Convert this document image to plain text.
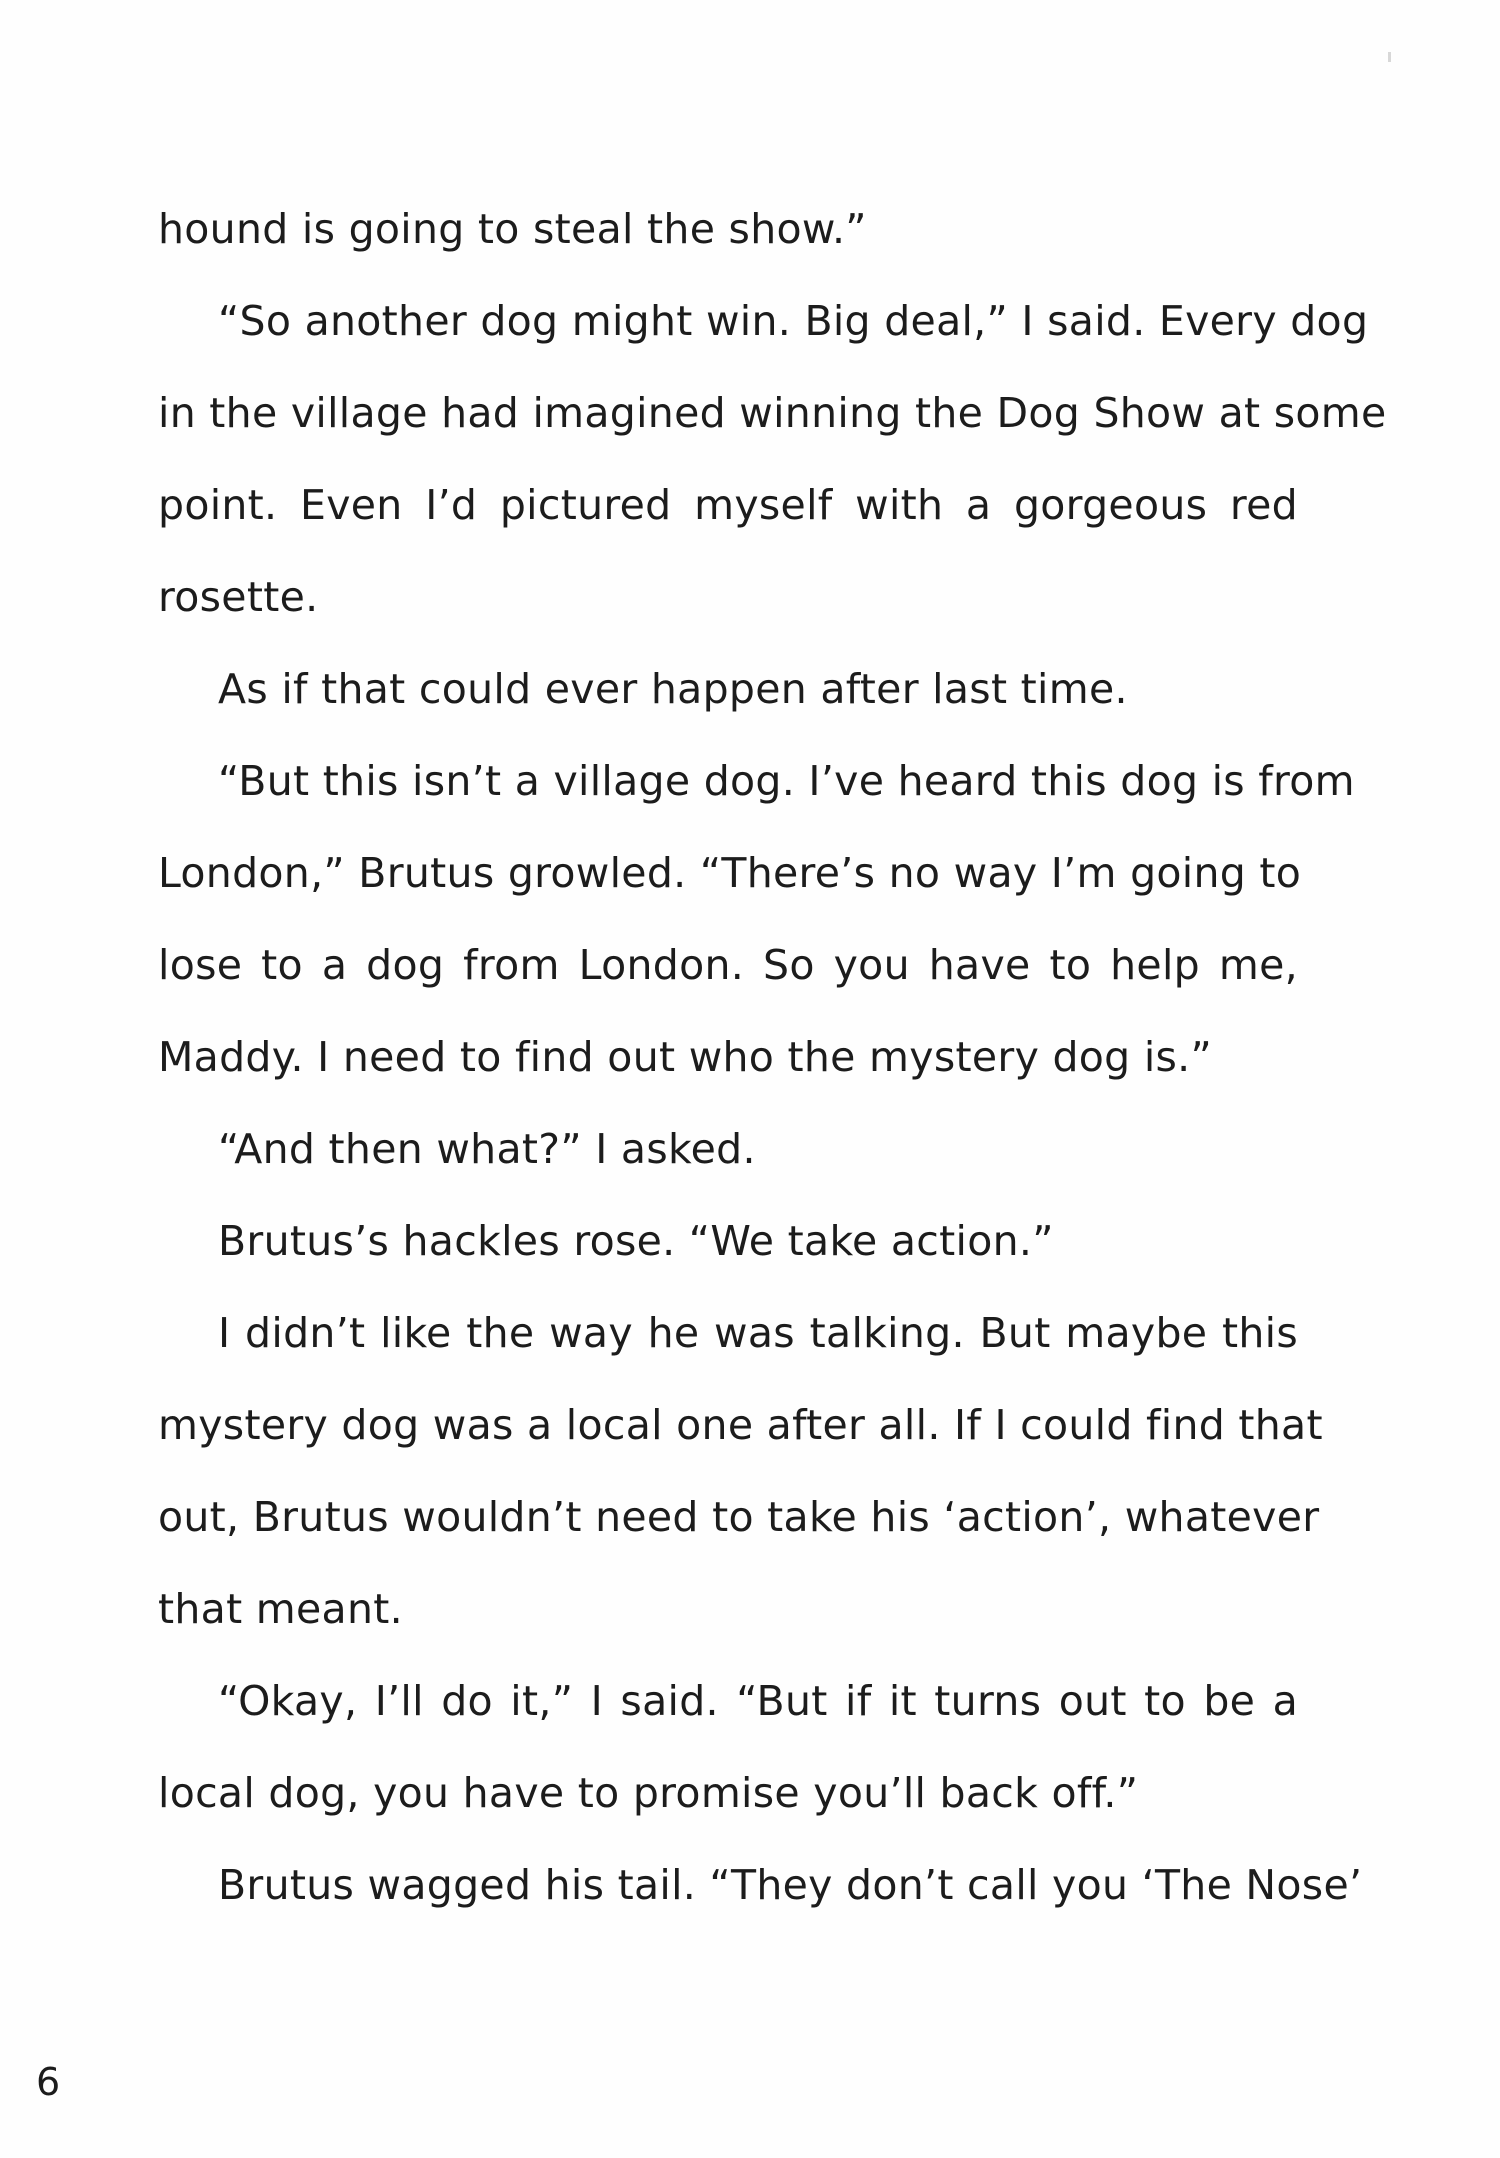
hound is going to steal the show.”
“So another dog might win. Big deal,” I said. Every dog
in the village had imagined winning the Dog Show at some
point. Even I’d pictured myself with a gorgeous red
rosette.
As if that could ever happen after last time.
“But this isn’t a village dog. I’ve heard this dog is from
London,” Brutus growled. “There’s no way I’m going to
lose to a dog from London. So you have to help me,
Maddy. I need to find out who the mystery dog is.”
“And then what?” I asked.
Brutus’s hackles rose. “We take action.”
I didn’t like the way he was talking. But maybe this
mystery dog was a local one after all. If I could find that
out, Brutus wouldn’t need to take his ‘action’, whatever
that meant.
“Okay, I’ll do it,” I said. “But if it turns out to be a
local dog, you have to promise you’ll back off.”
Brutus wagged his tail. “They don’t call you ‘The Nose’
6
